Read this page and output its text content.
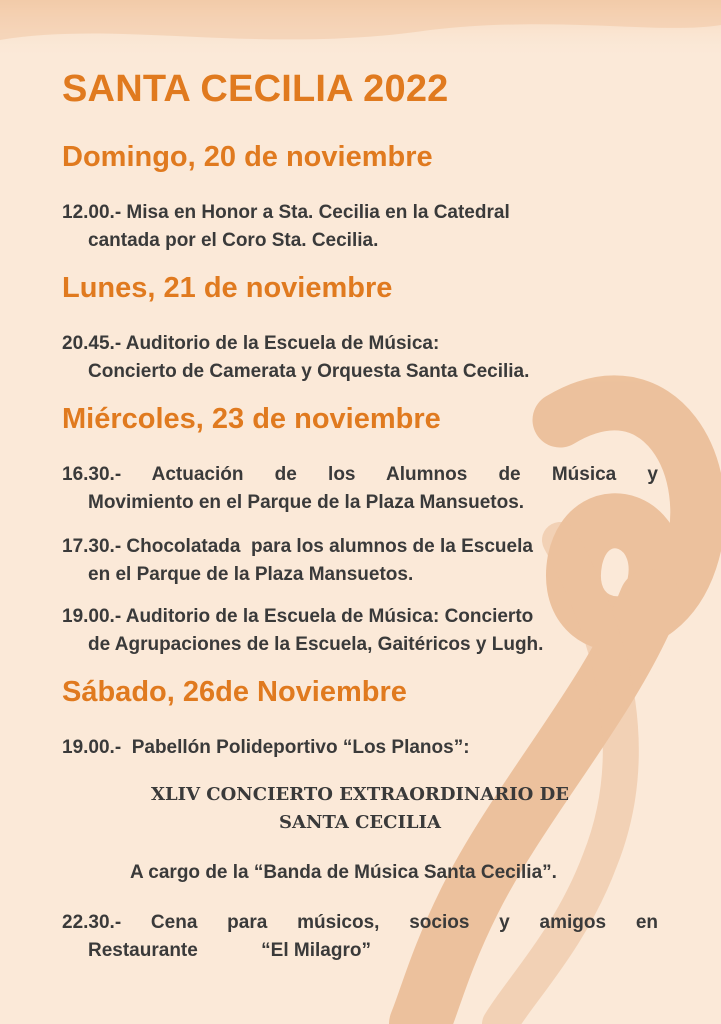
SANTA CECILIA 2022
Domingo, 20 de noviembre

12.00.- Misa en Honor a Sta. Cecilia en la Catedral
cantada por el Coro Sta. Cecilia.

Lunes, 21 de noviembre

20.45.- Auditorio de la Escuela de Música:
Concierto de Camerata y Orquesta Santa Cecilia.

Miércoles, 23 de noviembre

16.30.- Actuación de los Alumnos de Música y
Movimiento en el Parque de la Plaza Mansuetos.

17.30.- Chocolatada  para los alumnos de la Escuela
en el Parque de la Plaza Mansuetos.

19.00.- Auditorio de la Escuela de Música: Concierto
de Agrupaciones de la Escuela, Gaitéricos y Lugh.

Sábado, 26de Noviembre

19.00.-  Pabellón Polideportivo “Los Planos”:

XLIV CONCIERTO EXTRAORDINARIO DE
SANTA CECILIA

A cargo de la “Banda de Música Santa Cecilia”.

22.30.- Cena para músicos, socios y amigos en
Restaurante            “El Milagro”
